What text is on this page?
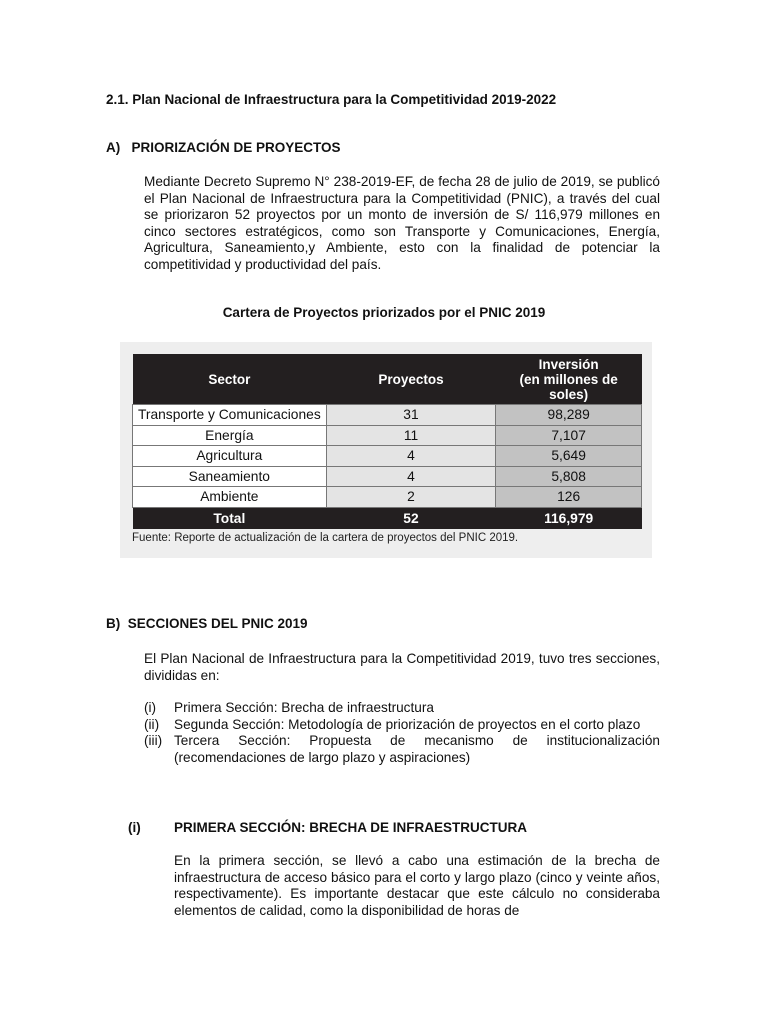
2.1. Plan Nacional de Infraestructura para la Competitividad 2019-2022
A)   PRIORIZACIÓN DE PROYECTOS

Mediante Decreto Supremo N° 238-2019-EF, de fecha 28 de julio de 2019, se publicó el Plan Nacional de Infraestructura para la Competitividad (PNIC), a través del cual se priorizaron 52 proyectos por un monto de inversión de S/ 116,979 millones en cinco sectores estratégicos, como son Transporte y Comunicaciones, Energía, Agricultura, Saneamiento,y Ambiente, esto con la finalidad de potenciar la competitividad y productividad del país.

Cartera de Proyectos priorizados por el PNIC 2019
Sector	Proyectos	Inversión
(en millones de
soles)
Transporte y Comunicaciones	31	98,289
Energía	11	7,107
Agricultura	4	5,649
Saneamiento	4	5,808
Ambiente	2	126
Total	52	116,979
Fuente: Reporte de actualización de la cartera de proyectos del PNIC 2019.
B)  SECCIONES DEL PNIC 2019

El Plan Nacional de Infraestructura para la Competitividad 2019, tuvo tres secciones, divididas en:

(i)	Primera Sección: Brecha de infraestructura
(ii)	Segunda Sección: Metodología de priorización de proyectos en el corto plazo
(iii) Tercera Sección: Propuesta de mecanismo de institucionalización (recomendaciones de largo plazo y aspiraciones)
(i) PRIMERA SECCIÓN: BRECHA DE INFRAESTRUCTURA

En la primera sección, se llevó a cabo una estimación de la brecha de infraestructura de acceso básico para el corto y largo plazo (cinco y veinte años, respectivamente). Es importante destacar que este cálculo no consideraba elementos de calidad, como la disponibilidad de horas de
